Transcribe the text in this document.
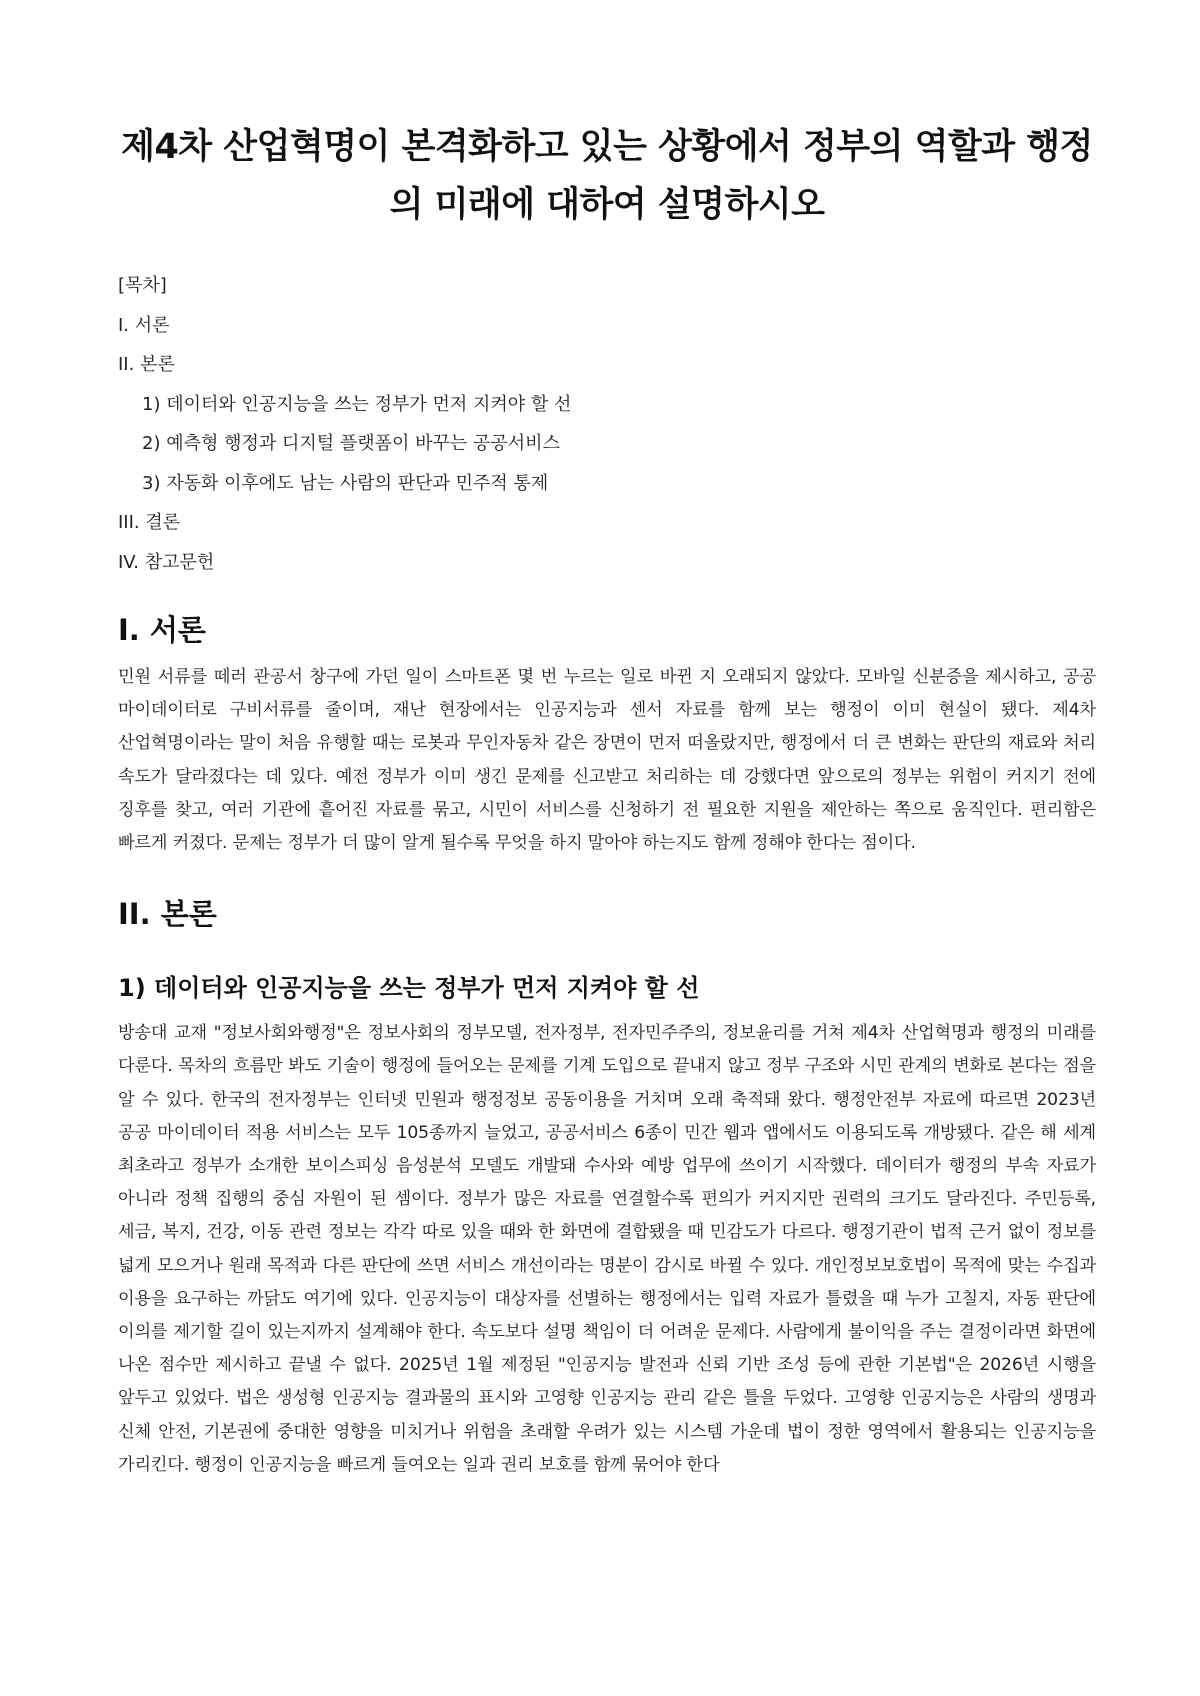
제4차 산업혁명이 본격화하고 있는 상황에서 정부의 역할과 행정의 미래에 대하여 설명하시오
[목차]
I. 서론
II. 본론
1) 데이터와 인공지능을 쓰는 정부가 먼저 지켜야 할 선
2) 예측형 행정과 디지털 플랫폼이 바꾸는 공공서비스
3) 자동화 이후에도 남는 사람의 판단과 민주적 통제
III. 결론
IV. 참고문헌
I. 서론

민원 서류를 떼러 관공서 창구에 가던 일이 스마트폰 몇 번 누르는 일로 바뀐 지 오래되지 않았다. 모바일 신분증을 제시하고, 공공 마이데이터로 구비서류를 줄이며, 재난 현장에서는 인공지능과 센서 자료를 함께 보는 행정이 이미 현실이 됐다. 제4차 산업혁명이라는 말이 처음 유행할 때는 로봇과 무인자동차 같은 장면이 먼저 떠올랐지만, 행정에서 더 큰 변화는 판단의 재료와 처리 속도가 달라졌다는 데 있다. 예전 정부가 이미 생긴 문제를 신고받고 처리하는 데 강했다면 앞으로의 정부는 위험이 커지기 전에 징후를 찾고, 여러 기관에 흩어진 자료를 묶고, 시민이 서비스를 신청하기 전 필요한 지원을 제안하는 쪽으로 움직인다. 편리함은 빠르게 커졌다. 문제는 정부가 더 많이 알게 될수록 무엇을 하지 말아야 하는지도 함께 정해야 한다는 점이다.

II. 본론
1) 데이터와 인공지능을 쓰는 정부가 먼저 지켜야 할 선

방송대 교재 "정보사회와행정"은 정보사회의 정부모델, 전자정부, 전자민주주의, 정보윤리를 거쳐 제4차 산업혁명과 행정의 미래를 다룬다. 목차의 흐름만 봐도 기술이 행정에 들어오는 문제를 기계 도입으로 끝내지 않고 정부 구조와 시민 관계의 변화로 본다는 점을 알 수 있다. 한국의 전자정부는 인터넷 민원과 행정정보 공동이용을 거치며 오래 축적돼 왔다. 행정안전부 자료에 따르면 2023년 공공 마이데이터 적용 서비스는 모두 105종까지 늘었고, 공공서비스 6종이 민간 웹과 앱에서도 이용되도록 개방됐다. 같은 해 세계 최초라고 정부가 소개한 보이스피싱 음성분석 모델도 개발돼 수사와 예방 업무에 쓰이기 시작했다. 데이터가 행정의 부속 자료가 아니라 정책 집행의 중심 자원이 된 셈이다. 정부가 많은 자료를 연결할수록 편의가 커지지만 권력의 크기도 달라진다. 주민등록, 세금, 복지, 건강, 이동 관련 정보는 각각 따로 있을 때와 한 화면에 결합됐을 때 민감도가 다르다. 행정기관이 법적 근거 없이 정보를 넓게 모으거나 원래 목적과 다른 판단에 쓰면 서비스 개선이라는 명분이 감시로 바뀔 수 있다. 개인정보보호법이 목적에 맞는 수집과 이용을 요구하는 까닭도 여기에 있다. 인공지능이 대상자를 선별하는 행정에서는 입력 자료가 틀렸을 때 누가 고칠지, 자동 판단에 이의를 제기할 길이 있는지까지 설계해야 한다. 속도보다 설명 책임이 더 어려운 문제다. 사람에게 불이익을 주는 결정이라면 화면에 나온 점수만 제시하고 끝낼 수 없다. 2025년 1월 제정된 "인공지능 발전과 신뢰 기반 조성 등에 관한 기본법"은 2026년 시행을 앞두고 있었다. 법은 생성형 인공지능 결과물의 표시와 고영향 인공지능 관리 같은 틀을 두었다. 고영향 인공지능은 사람의 생명과 신체 안전, 기본권에 중대한 영향을 미치거나 위험을 초래할 우려가 있는 시스템 가운데 법이 정한 영역에서 활용되는 인공지능을 가리킨다. 행정이 인공지능을 빠르게 들여오는 일과 권리 보호를 함께 묶어야 한다
